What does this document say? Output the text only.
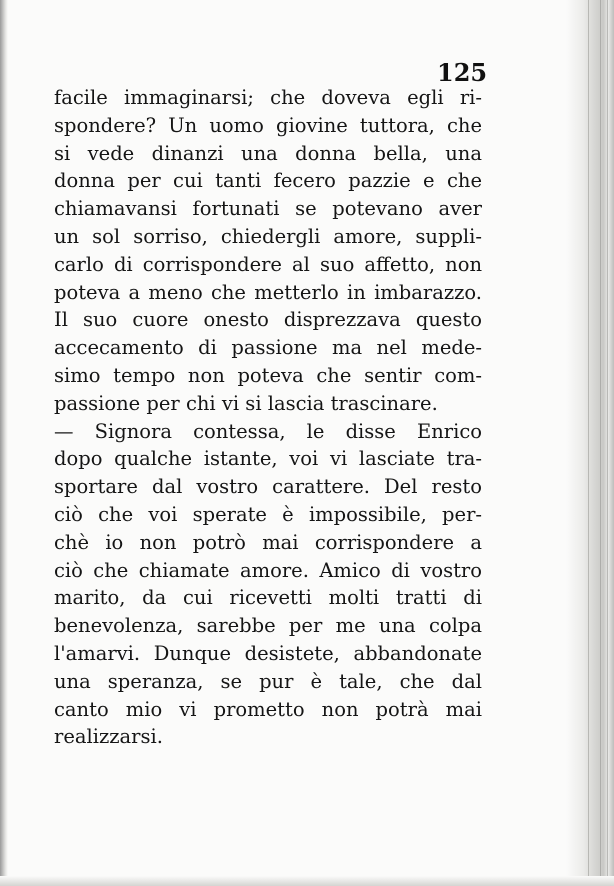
125
facile immaginarsi; che doveva egli ri-
spondere? Un uomo giovine tuttora, che
si vede dinanzi una donna bella, una
donna per cui tanti fecero pazzie e che
chiamavansi fortunati se potevano aver
un sol sorriso, chiedergli amore, suppli-
carlo di corrispondere al suo affetto, non
poteva a meno che metterlo in imbarazzo.
Il suo cuore onesto disprezzava questo
accecamento di passione ma nel mede-
simo tempo non poteva che sentir com-
passione per chi vi si lascia trascinare.
— Signora contessa, le disse Enrico
dopo qualche istante, voi vi lasciate tra-
sportare dal vostro carattere. Del resto
ciò che voi sperate è impossibile, per-
chè io non potrò mai corrispondere a
ciò che chiamate amore. Amico di vostro
marito, da cui ricevetti molti tratti di
benevolenza, sarebbe per me una colpa
l'amarvi. Dunque desistete, abbandonate
una speranza, se pur è tale, che dal
canto mio vi prometto non potrà mai
realizzarsi.
